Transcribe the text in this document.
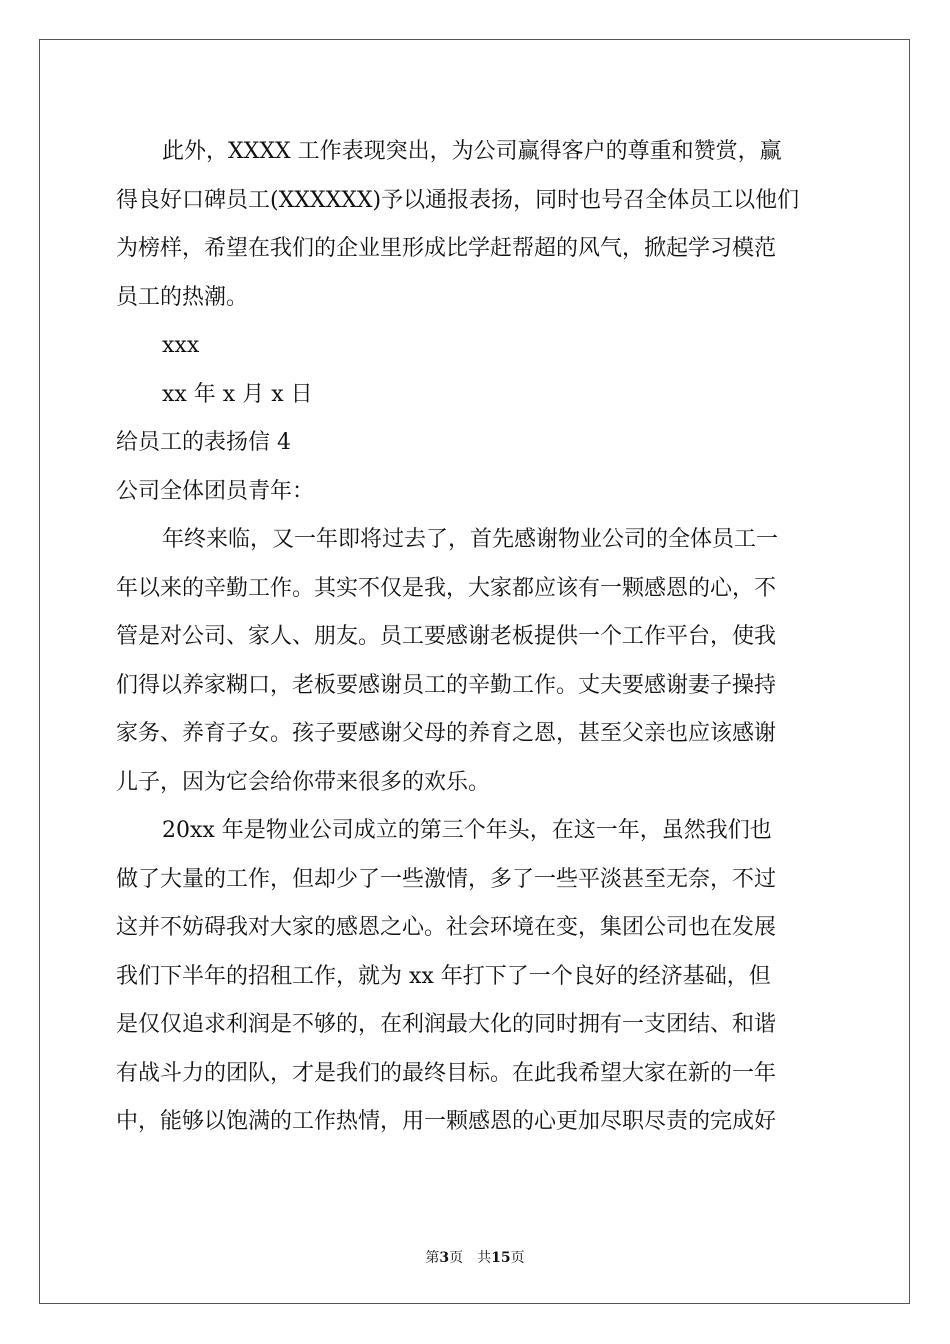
此外，XXXX 工作表现突出，为公司赢得客户的尊重和赞赏，赢
得良好口碑员工(XXXXXX)予以通报表扬，同时也号召全体员工以他们
为榜样，希望在我们的企业里形成比学赶帮超的风气，掀起学习模范
员工的热潮。
xxx
xx 年 x 月 x 日
给员工的表扬信 4
公司全体团员青年：
年终来临，又一年即将过去了，首先感谢物业公司的全体员工一
年以来的辛勤工作。其实不仅是我，大家都应该有一颗感恩的心，不
管是对公司、家人、朋友。员工要感谢老板提供一个工作平台，使我
们得以养家糊口，老板要感谢员工的辛勤工作。丈夫要感谢妻子操持
家务、养育子女。孩子要感谢父母的养育之恩，甚至父亲也应该感谢
儿子，因为它会给你带来很多的欢乐。
20xx 年是物业公司成立的第三个年头，在这一年，虽然我们也
做了大量的工作，但却少了一些激情，多了一些平淡甚至无奈，不过
这并不妨碍我对大家的感恩之心。社会环境在变，集团公司也在发展
我们下半年的招租工作，就为 xx 年打下了一个良好的经济基础，但
是仅仅追求利润是不够的，在利润最大化的同时拥有一支团结、和谐
有战斗力的团队，才是我们的最终目标。在此我希望大家在新的一年
中，能够以饱满的工作热情，用一颗感恩的心更加尽职尽责的完成好
第3页　共15页
